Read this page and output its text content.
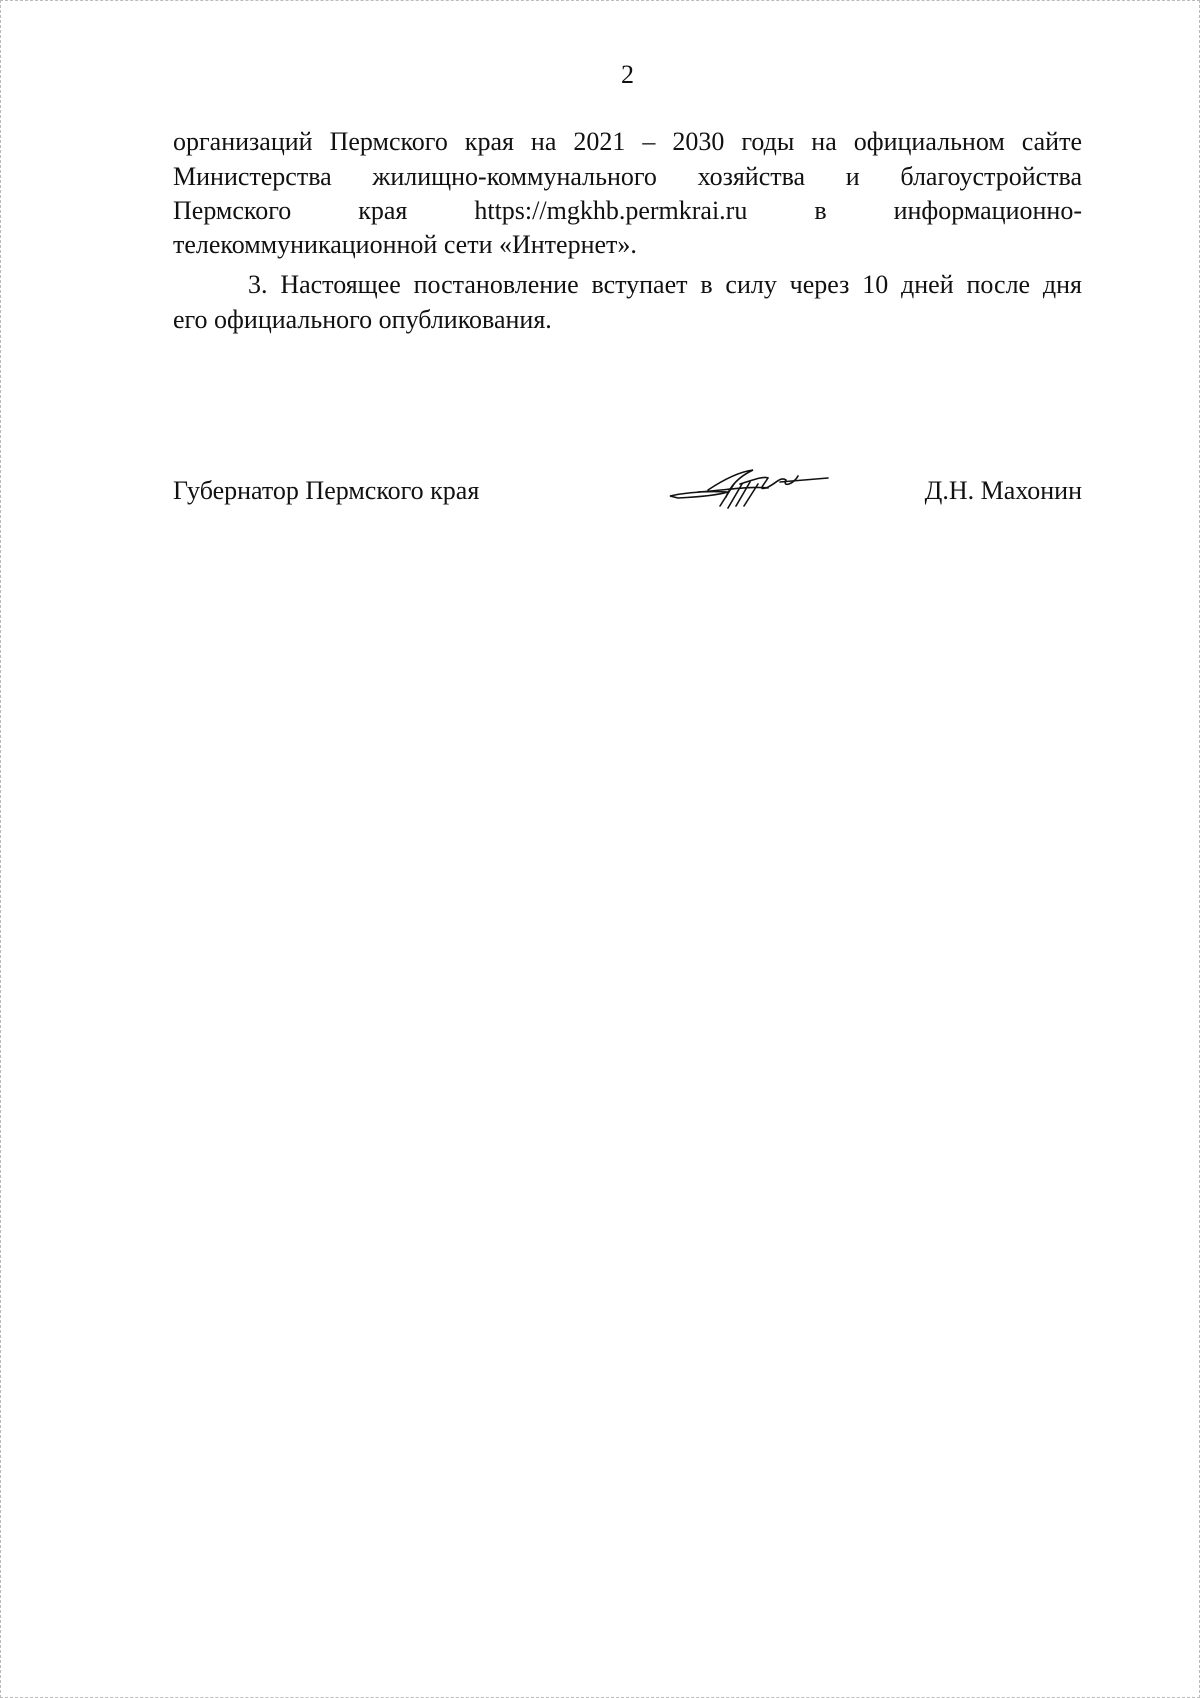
2
организаций Пермского края на 2021 – 2030 годы на официальном сайте
Министерства жилищно-коммунального хозяйства и благоустройства
Пермского края https://mgkhb.permkrai.ru в информационно-
телекоммуникационной сети «Интернет».
3. Настоящее постановление вступает в силу через 10 дней после дня
его официального опубликования.
Губернатор Пермского края	Д.Н. Махонин
